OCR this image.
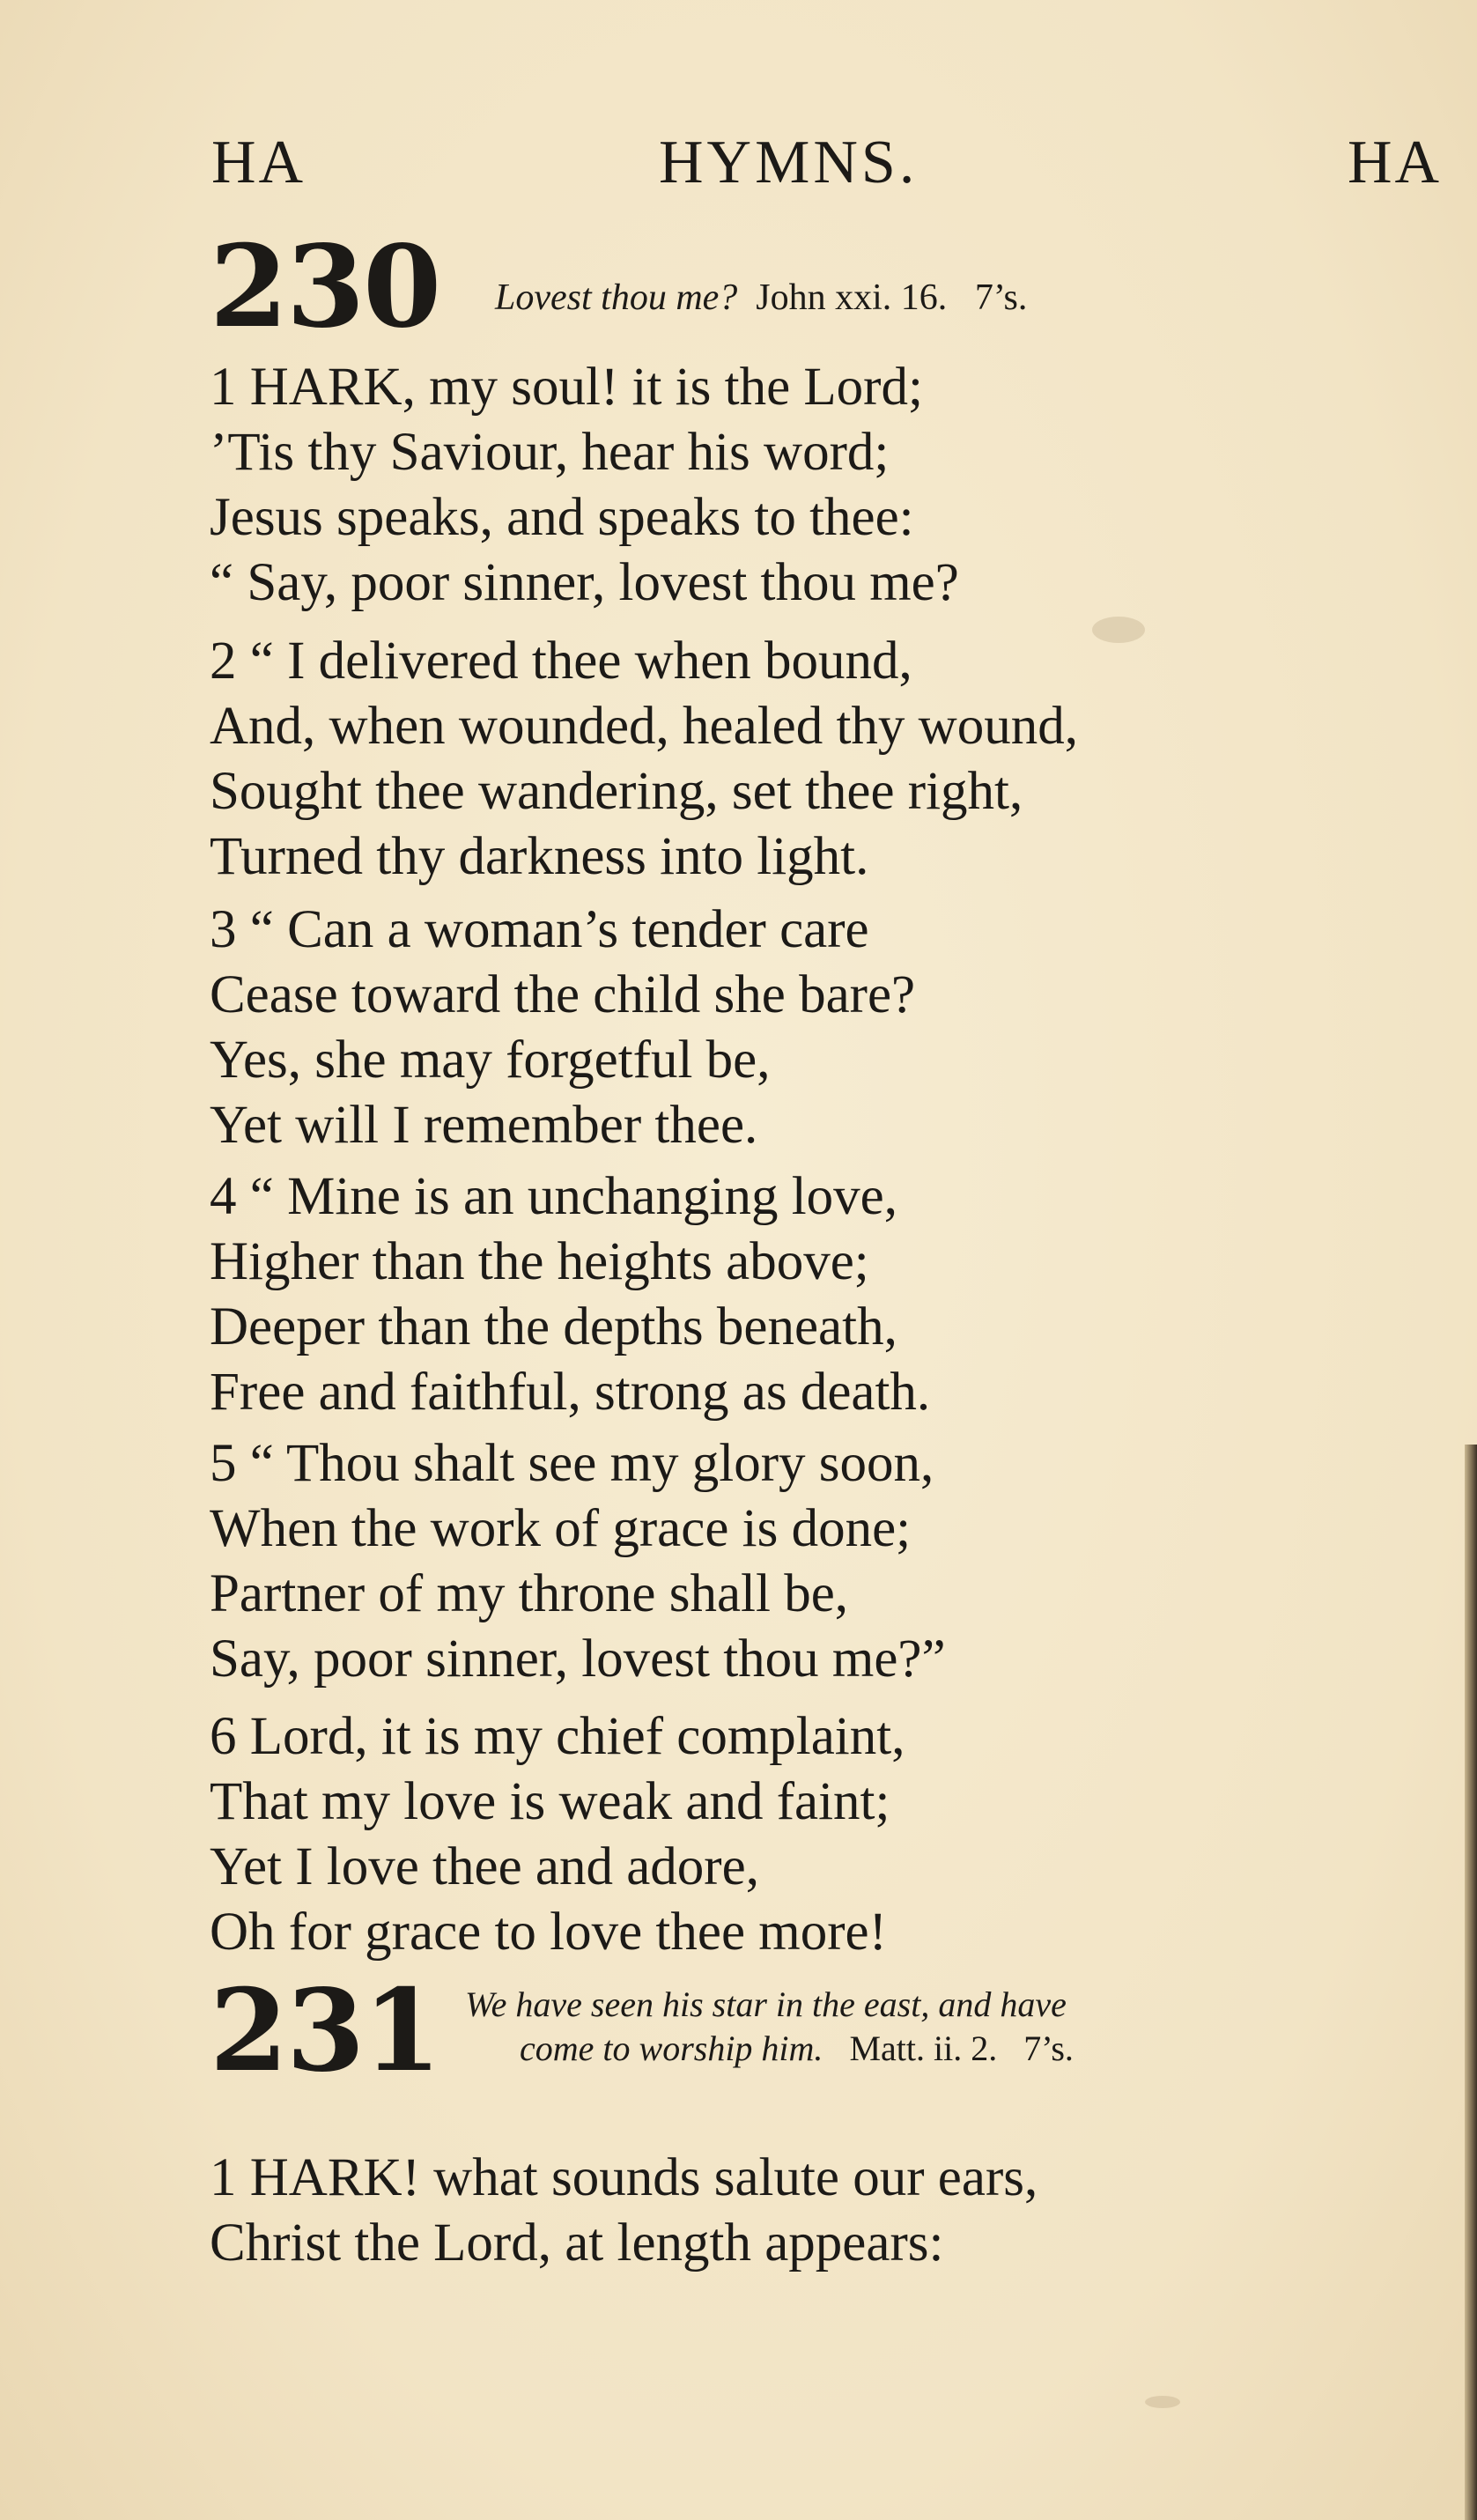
HA	HYMNS.	HA
230 Lovest thou me? John xxi. 16. 7’s.
1 HARK, my soul! it is the Lord;
’Tis thy Saviour, hear his word;
Jesus speaks, and speaks to thee:
“ Say, poor sinner, lovest thou me?
2 “ I delivered thee when bound,
And, when wounded, healed thy wound,
Sought thee wandering, set thee right,
Turned thy darkness into light.
3 “ Can a woman’s tender care
Cease toward the child she bare?
Yes, she may forgetful be,
Yet will I remember thee.
4 “ Mine is an unchanging love,
Higher than the heights above;
Deeper than the depths beneath,
Free and faithful, strong as death.
5 “ Thou shalt see my glory soon,
When the work of grace is done;
Partner of my throne shall be,
Say, poor sinner, lovest thou me?”
6 Lord, it is my chief complaint,
That my love is weak and faint;
Yet I love thee and adore,
Oh for grace to love thee more!
231 We have seen his star in the east, and have
come to worship him. Matt. ii. 2. 7’s.
1 HARK! what sounds salute our ears,
Christ the Lord, at length appears:
